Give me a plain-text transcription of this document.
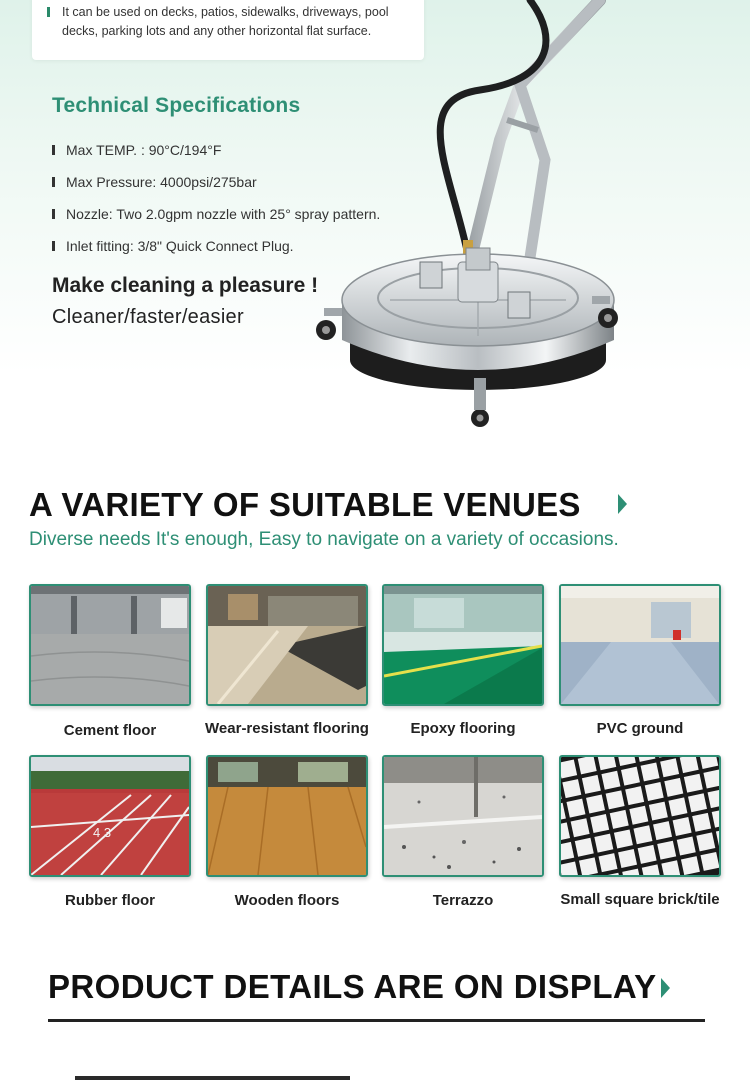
It can be used on decks, patios, sidewalks, driveways, pool decks, parking lots and any other horizontal flat surface.

Technical Specifications
Max TEMP. : 90°C/194°F
Max Pressure: 4000psi/275bar
Nozzle: Two 2.0gpm nozzle with 25° spray pattern.
Inlet fitting: 3/8" Quick Connect Plug.
Make cleaning a pleasure !
Cleaner/faster/easier
A VARIETY OF SUITABLE VENUES

Diverse needs It's enough, Easy to navigate on a variety of occasions.

Cement floor	Wear-resistant flooring	Epoxy flooring	PVC ground
4 3
Rubber floor	Wooden floors	Terrazzo	Small square brick/tile
PRODUCT DETAILS ARE ON DISPLAY
